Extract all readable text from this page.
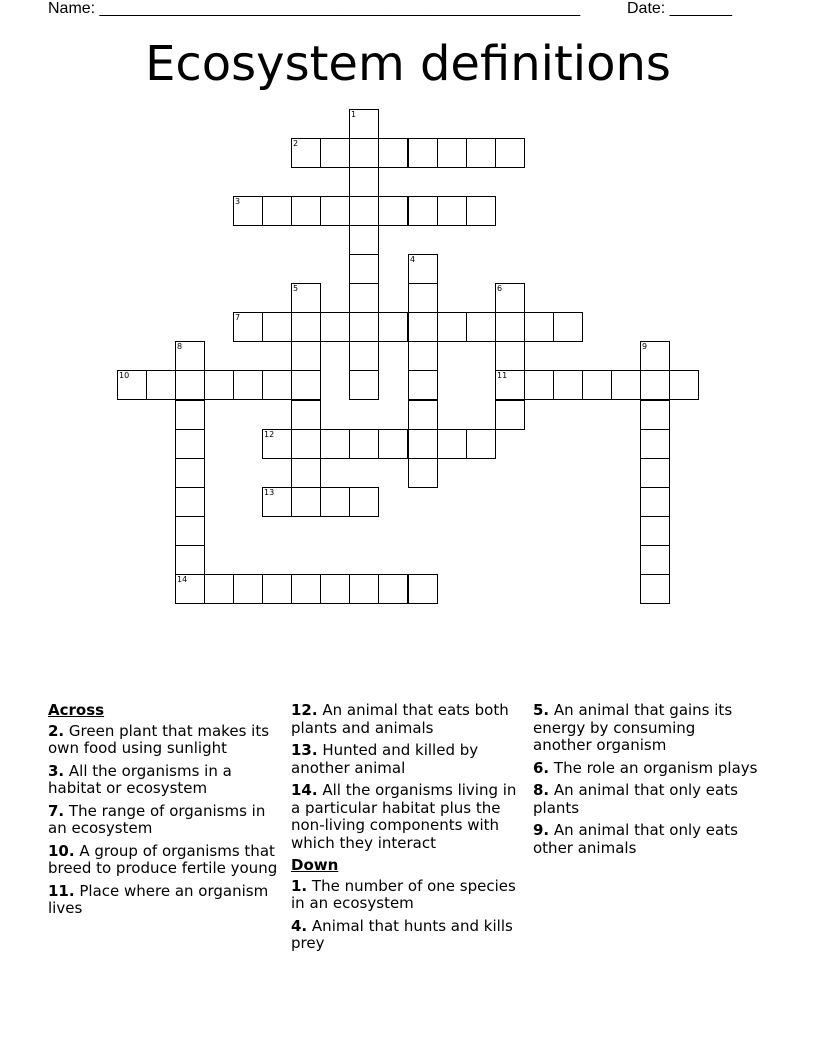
Name: ______________________________________________________	Date: _______
Ecosystem definitions
1
2
3
4
5	6
11
7
8
14
9
10
12
13
Across
2. Green plant that makes its own food using sunlight
3. All the organisms in a habitat or ecosystem
7. The range of organisms in an ecosystem
10. A group of organisms that breed to produce fertile young
11. Place where an organism lives
12. An animal that eats both plants and animals
13. Hunted and killed by another animal
14. All the organisms living in a particular habitat plus the non-living components with which they interact
Down
1. The number of one species in an ecosystem
4. Animal that hunts and kills prey
5. An animal that gains its energy by consuming another organism
6. The role an organism plays
8. An animal that only eats plants
9. An animal that only eats other animals
